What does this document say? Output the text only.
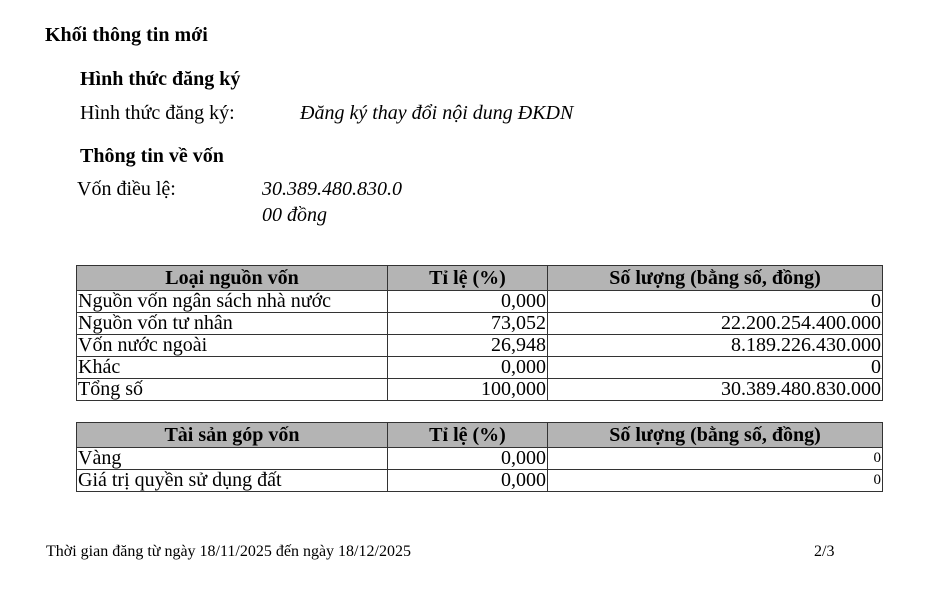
Khối thông tin mới
Hình thức đăng ký
Hình thức đăng ký:	Đăng ký thay đổi nội dung ĐKDN
Thông tin về vốn
Vốn điều lệ:	30.389.480.830.0
00 đồng
Loại nguồn vốn	Tỉ lệ (%)	Số lượng (bằng số, đồng)
Nguồn vốn ngân sách nhà nước	0,000	0
Nguồn vốn tư nhân	73,052	22.200.254.400.000
Vốn nước ngoài	26,948	8.189.226.430.000
Khác	0,000	0
Tổng số	100,000	30.389.480.830.000
Tài sản góp vốn	Tỉ lệ (%)	Số lượng (bằng số, đồng)
Vàng	0,000	0
Giá trị quyền sử dụng đất	0,000	0
Thời gian đăng từ ngày 18/11/2025 đến ngày 18/12/2025	2/3
